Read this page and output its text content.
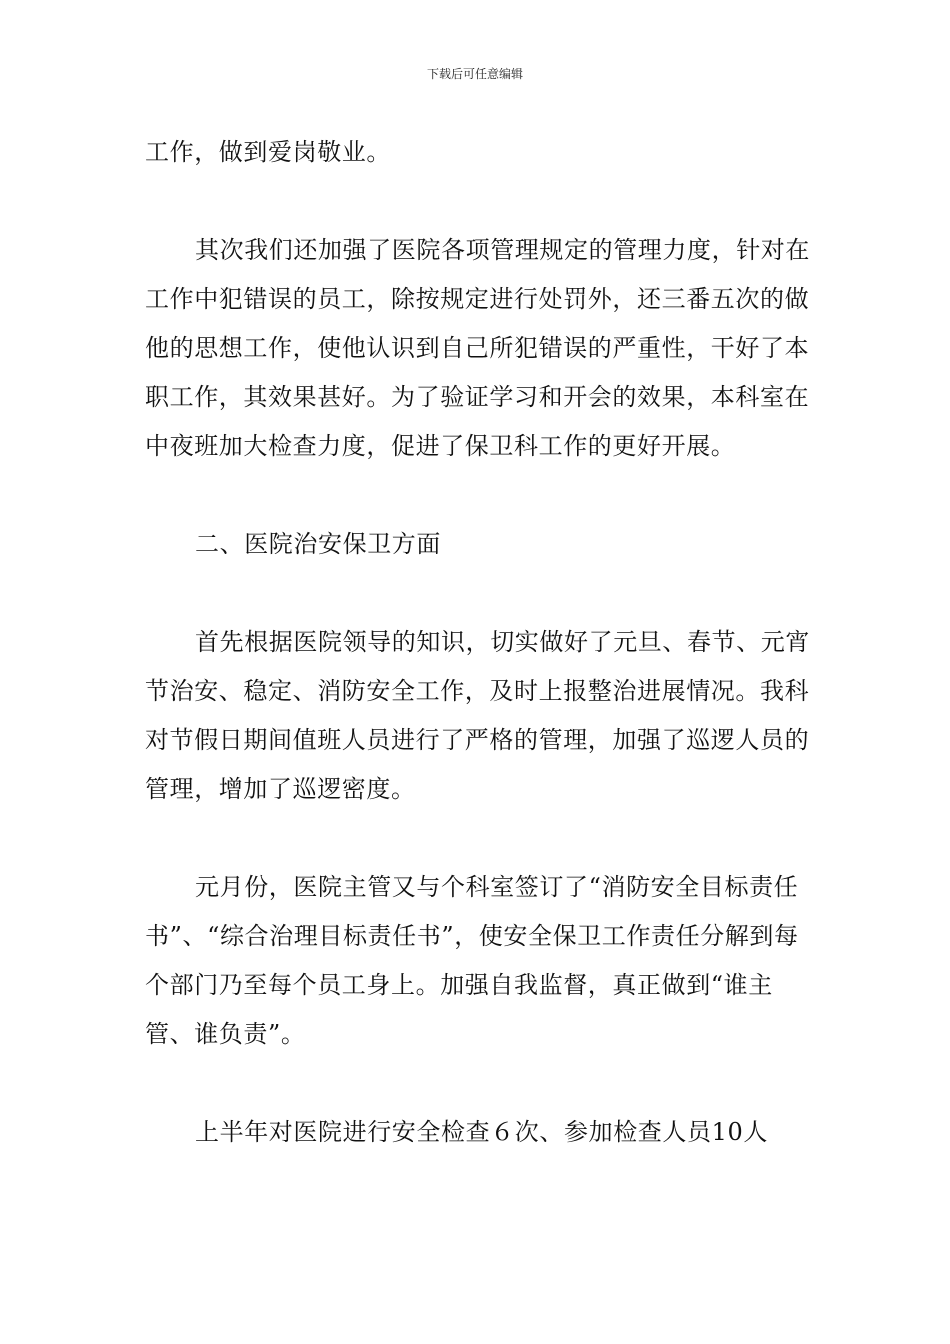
下载后可任意编辑

工作，做到爱岗敬业。

其次我们还加强了医院各项管理规定的管理力度，针对在工作中犯错误的员工，除按规定进行处罚外，还三番五次的做他的思想工作，使他认识到自己所犯错误的严重性，干好了本职工作，其效果甚好。为了验证学习和开会的效果，本科室在中夜班加大检查力度，促进了保卫科工作的更好开展。

二、医院治安保卫方面

首先根据医院领导的知识，切实做好了元旦、春节、元宵节治安、稳定、消防安全工作，及时上报整治进展情况。我科对节假日期间值班人员进行了严格的管理，加强了巡逻人员的管理，增加了巡逻密度。

元月份，医院主管又与个科室签订了“消防安全目标责任书”、“综合治理目标责任书”，使安全保卫工作责任分解到每个部门乃至每个员工身上。加强自我监督，真正做到“谁主管、谁负责”。

上半年对医院进行安全检查６次、参加检查人员10人
